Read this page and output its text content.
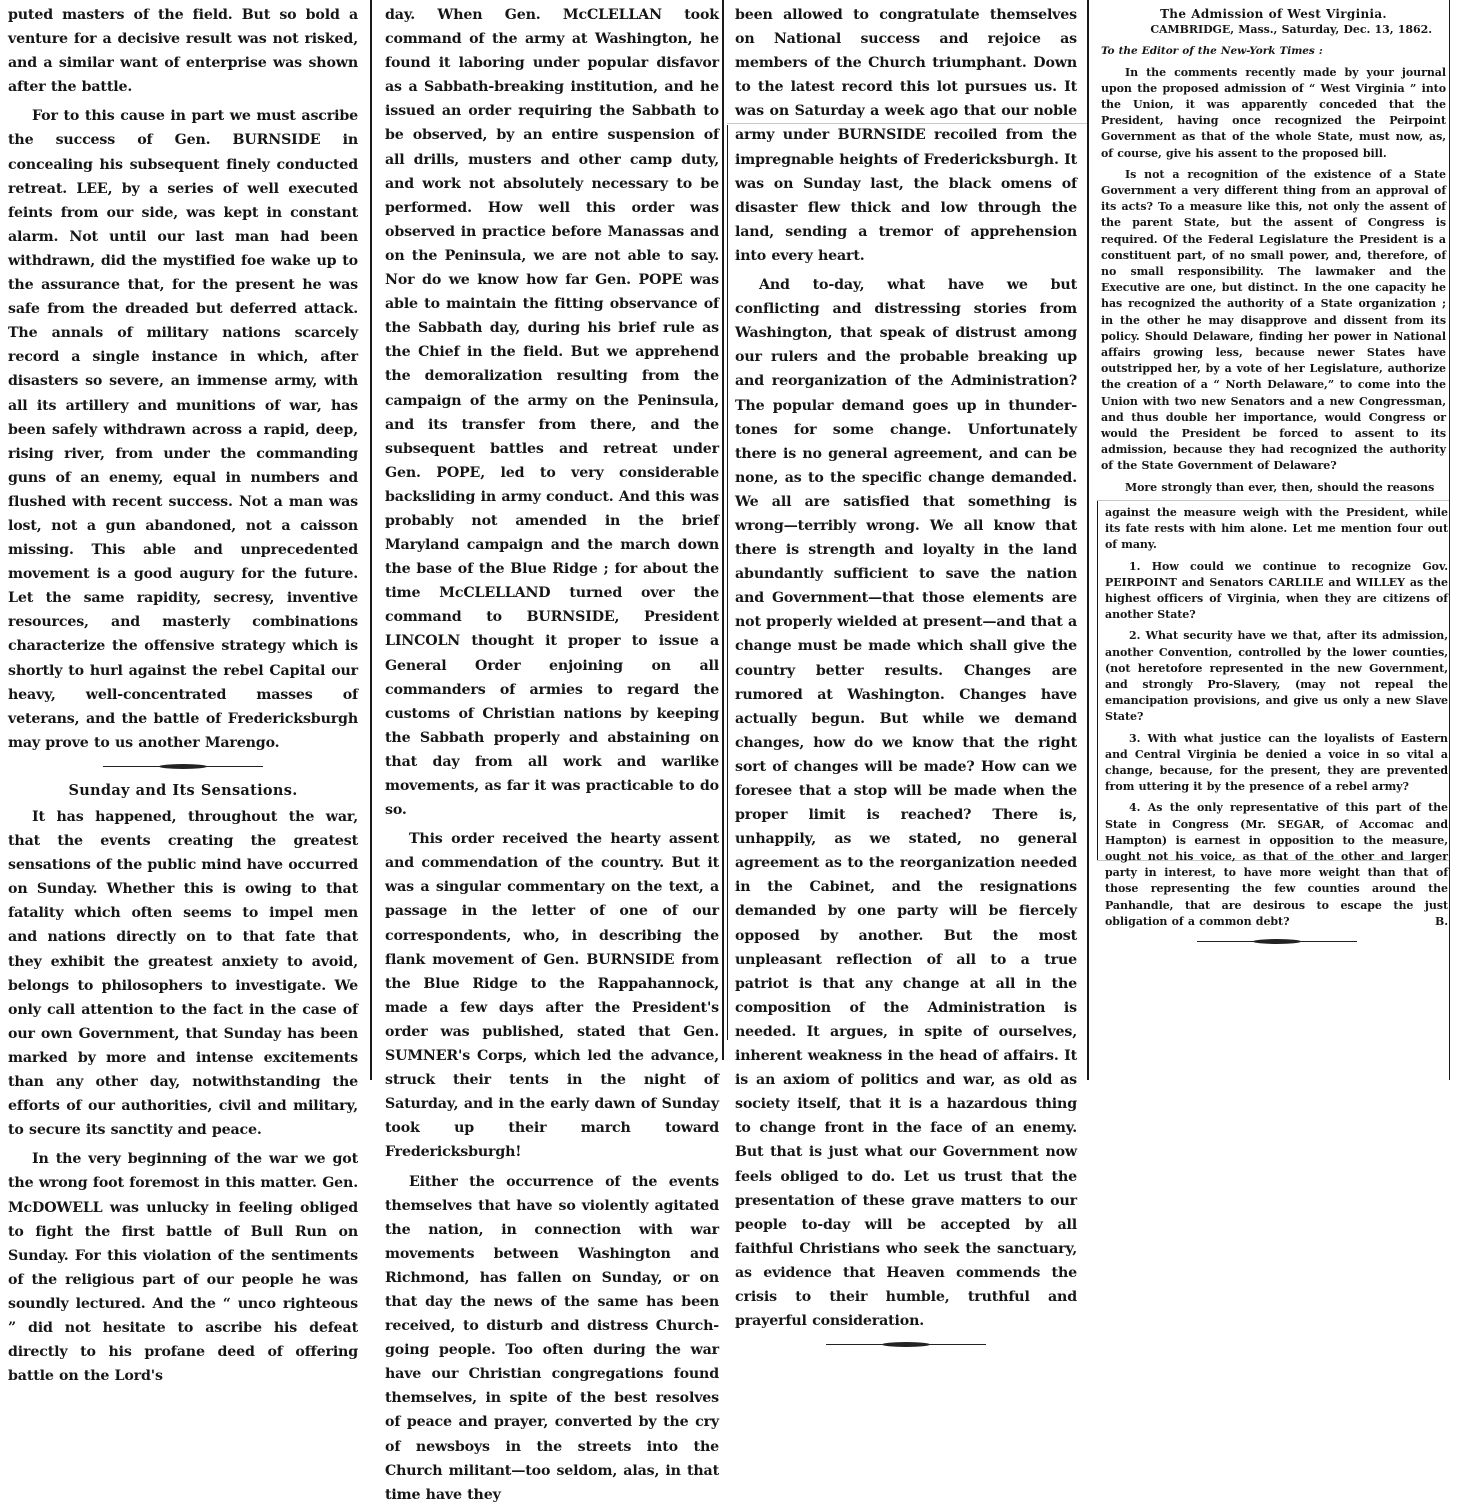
puted masters of the field. But so bold a venture for a decisive result was not risked, and a similar want of enterprise was shown after the battle.

For to this cause in part we must ascribe the success of Gen. BURNSIDE in concealing his subsequent finely conducted retreat. LEE, by a series of well executed feints from our side, was kept in constant alarm. Not until our last man had been withdrawn, did the mystified foe wake up to the assurance that, for the present he was safe from the dreaded but deferred attack. The annals of military nations scarcely record a single instance in which, after disasters so severe, an immense army, with all its artillery and munitions of war, has been safely withdrawn across a rapid, deep, rising river, from under the commanding guns of an enemy, equal in numbers and flushed with recent success. Not a man was lost, not a gun abandoned, not a caisson missing. This able and unprecedented movement is a good augury for the future. Let the same rapidity, secresy, inventive resources, and masterly combinations characterize the offensive strategy which is shortly to hurl against the rebel Capital our heavy, well-concentrated masses of veterans, and the battle of Fredericksburgh may prove to us another Marengo.

Sunday and Its Sensations.

It has happened, throughout the war, that the events creating the greatest sensations of the public mind have occurred on Sunday. Whether this is owing to that fatality which often seems to impel men and nations directly on to that fate that they exhibit the greatest anxiety to avoid, belongs to philosophers to investigate. We only call attention to the fact in the case of our own Government, that Sunday has been marked by more and intense excitements than any other day, notwithstanding the efforts of our authorities, civil and military, to secure its sanctity and peace.

In the very beginning of the war we got the wrong foot foremost in this matter. Gen. McDOWELL was unlucky in feeling obliged to fight the first battle of Bull Run on Sunday. For this violation of the sentiments of the religious part of our people he was soundly lectured. And the “ unco righteous ” did not hesitate to ascribe his defeat directly to his profane deed of offering battle on the Lord's

day. When Gen. McCLELLAN took command of the army at Washington, he found it laboring under popular disfavor as a Sabbath-breaking institution, and he issued an order requiring the Sabbath to be observed, by an entire suspension of all drills, musters and other camp duty, and work not absolutely necessary to be performed. How well this order was observed in practice before Manassas and on the Peninsula, we are not able to say. Nor do we know how far Gen. POPE was able to maintain the fitting observance of the Sabbath day, during his brief rule as the Chief in the field. But we apprehend the demoralization resulting from the campaign of the army on the Peninsula, and its transfer from there, and the subsequent battles and retreat under Gen. POPE, led to very considerable backsliding in army conduct. And this was probably not amended in the brief Maryland campaign and the march down the base of the Blue Ridge ; for about the time McCLELLAND turned over the command to BURNSIDE, President LINCOLN thought it proper to issue a General Order enjoining on all commanders of armies to regard the customs of Christian nations by keeping the Sabbath properly and abstaining on that day from all work and warlike movements, as far it was practicable to do so.

This order received the hearty assent and commendation of the country. But it was a singular commentary on the text, a passage in the letter of one of our correspondents, who, in describing the flank movement of Gen. BURNSIDE from the Blue Ridge to the Rappahannock, made a few days after the President's order was published, stated that Gen. SUMNER's Corps, which led the advance, struck their tents in the night of Saturday, and in the early dawn of Sunday took up their march toward Fredericksburgh!

Either the occurrence of the events themselves that have so violently agitated the nation, in connection with war movements between Washington and Richmond, has fallen on Sunday, or on that day the news of the same has been received, to disturb and distress Church-going people. Too often during the war have our Christian congregations found themselves, in spite of the best resolves of peace and prayer, converted by the cry of newsboys in the streets into the Church militant—too seldom, alas, in that time have they

been allowed to congratulate themselves on National success and rejoice as members of the Church triumphant. Down to the latest record this lot pursues us. It was on Saturday a week ago that our noble army under BURNSIDE recoiled from the impregnable heights of Fredericksburgh. It was on Sunday last, the black omens of disaster flew thick and low through the land, sending a tremor of apprehension into every heart.

And to-day, what have we but conflicting and distressing stories from Washington, that speak of distrust among our rulers and the probable breaking up and reorganization of the Administration? The popular demand goes up in thunder-tones for some change. Unfortunately there is no general agreement, and can be none, as to the specific change demanded. We all are satisfied that something is wrong—terribly wrong. We all know that there is strength and loyalty in the land abundantly sufficient to save the nation and Government—that those elements are not properly wielded at present—and that a change must be made which shall give the country better results. Changes are rumored at Washington. Changes have actually begun. But while we demand changes, how do we know that the right sort of changes will be made? How can we foresee that a stop will be made when the proper limit is reached? There is, unhappily, as we stated, no general agreement as to the reorganization needed in the Cabinet, and the resignations demanded by one party will be fiercely opposed by another. But the most unpleasant reflection of all to a true patriot is that any change at all in the composition of the Administration is needed. It argues, in spite of ourselves, inherent weakness in the head of affairs. It is an axiom of politics and war, as old as society itself, that it is a hazardous thing to change front in the face of an enemy. But that is just what our Government now feels obliged to do. Let us trust that the presentation of these grave matters to our people to-day will be accepted by all faithful Christians who seek the sanctuary, as evidence that Heaven commends the crisis to their humble, truthful and prayerful consideration.

The Admission of West Virginia.

CAMBRIDGE, Mass., Saturday, Dec. 13, 1862.

To the Editor of the New-York Times :

In the comments recently made by your journal upon the proposed admission of “ West Virginia ” into the Union, it was apparently conceded that the President, having once recognized the Peirpoint Government as that of the whole State, must now, as, of course, give his assent to the proposed bill.

Is not a recognition of the existence of a State Government a very different thing from an approval of its acts? To a measure like this, not only the assent of the parent State, but the assent of Congress is required. Of the Federal Legislature the President is a constituent part, of no small power, and, therefore, of no small responsibility. The lawmaker and the Executive are one, but distinct. In the one capacity he has recognized the authority of a State organization ; in the other he may disapprove and dissent from its policy. Should Delaware, finding her power in National affairs growing less, because newer States have outstripped her, by a vote of her Legislature, authorize the creation of a “ North Delaware,” to come into the Union with two new Senators and a new Congressman, and thus double her importance, would Congress or would the President be forced to assent to its admission, because they had recognized the authority of the State Government of Delaware?

More strongly than ever, then, should the reasons

against the measure weigh with the President, while its fate rests with him alone. Let me mention four out of many.

1. How could we continue to recognize Gov. PEIRPOINT and Senators CARLILE and WILLEY as the highest officers of Virginia, when they are citizens of another State?

2. What security have we that, after its admission, another Convention, controlled by the lower counties, (not heretofore represented in the new Government, and strongly Pro-Slavery, (may not repeal the emancipation provisions, and give us only a new Slave State?

3. With what justice can the loyalists of Eastern and Central Virginia be denied a voice in so vital a change, because, for the present, they are prevented from uttering it by the presence of a rebel army?

4. As the only representative of this part of the State in Congress (Mr. SEGAR, of Accomac and Hampton) is earnest in opposition to the measure, ought not his voice, as that of the other and larger party in interest, to have more weight than that of those representing the few counties around the Panhandle, that are desirous to escape the just obligation of a common debt?	B.
